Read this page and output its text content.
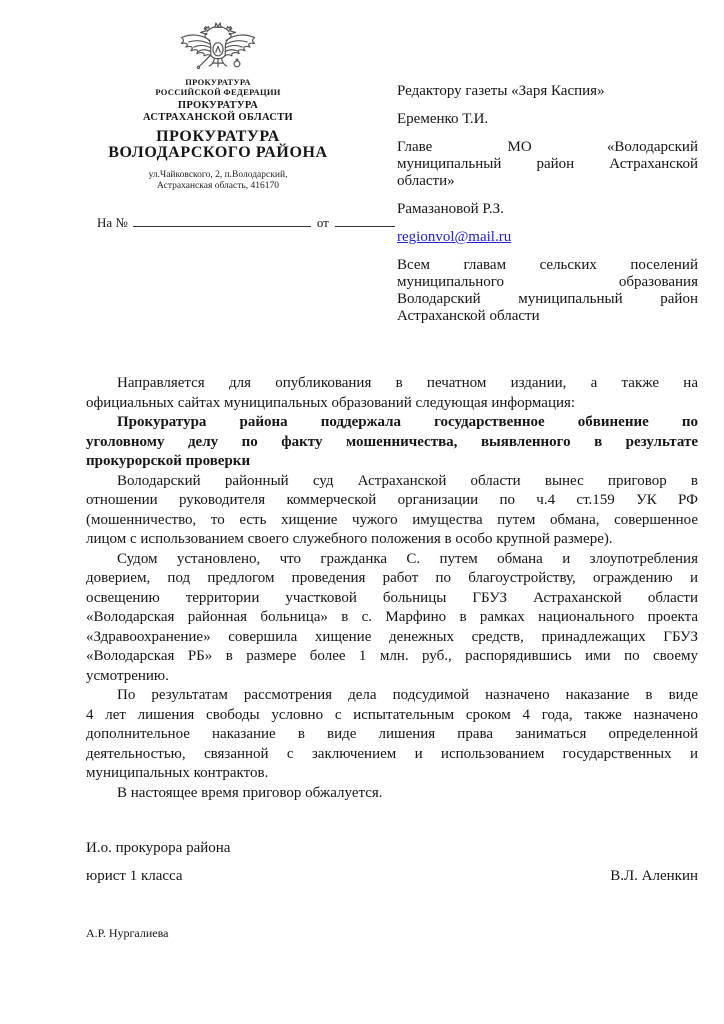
ПРОКУРАТУРА
РОССИЙСКОЙ ФЕДЕРАЦИИ
ПРОКУРАТУРА
АСТРАХАНСКОЙ ОБЛАСТИ
ПРОКУРАТУРА
ВОЛОДАРСКОГО РАЙОНА
ул.Чайковского, 2, п.Володарский,
Астраханская область, 416170
На №	от
Редактору газеты «Заря Каспия»
Еременко Т.И.
Главе МО «Володарский
муниципальный район Астраханской
области»
Рамазановой Р.З.
regionvol@mail.ru
Всем главам сельских поселений
муниципального образования
Володарский муниципальный район
Астраханской области
Направляется для опубликования в печатном издании, а также на
официальных сайтах муниципальных образований следующая информация:
Прокуратура района поддержала государственное обвинение по
уголовному делу по факту мошенничества, выявленного в результате
прокурорской проверки
Володарский районный суд Астраханской области вынес приговор в
отношении руководителя коммерческой организации по ч.4 ст.159 УК РФ
(мошенничество, то есть хищение чужого имущества путем обмана, совершенное
лицом с использованием своего служебного положения в особо крупной размере).
Судом установлено, что гражданка С. путем обмана и злоупотребления
доверием, под предлогом проведения работ по благоустройству, ограждению и
освещению территории участковой больницы ГБУЗ Астраханской области
«Володарская районная больница» в с. Марфино в рамках национального проекта
«Здравоохранение» совершила хищение денежных средств, принадлежащих ГБУЗ
«Володарская РБ» в размере более 1 млн. руб., распорядившись ими по своему
усмотрению.
По результатам рассмотрения дела подсудимой назначено наказание в виде
4 лет лишения свободы условно с испытательным сроком 4 года, также назначено
дополнительное наказание в виде лишения права заниматься определенной
деятельностью, связанной с заключением и использованием государственных и
муниципальных контрактов.
В настоящее время приговор обжалуется.
И.о. прокурора района
юрист 1 класса	В.Л. Аленкин
А.Р. Нургалиева
